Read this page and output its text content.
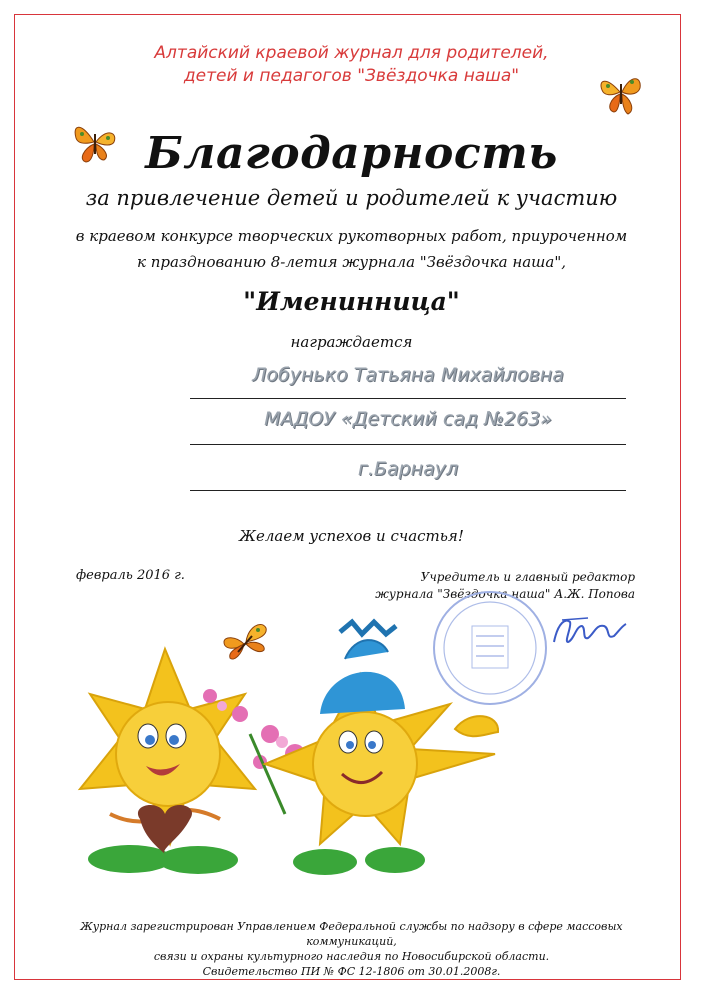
Алтайский краевой журнал для родителей,
детей и педагогов "Звёздочка наша"
Благодарность
за привлечение детей и родителей к участию
в краевом конкурсе творческих рукотворных работ, приуроченном
к празднованию 8-летия журнала "Звёздочка наша",
"Именинница"
награждается
Лобунько Татьяна Михайловна
МАДОУ «Детский сад №263»
г.Барнаул
Желаем успехов и счастья!
февраль 2016 г.	Учредитель и главный редактор
журнала "Звёздочка наша" А.Ж. Попова
Журнал зарегистрирован Управлением Федеральной службы по надзору в сфере массовых коммуникаций,
связи и охраны культурного наследия по Новосибирской области.
Свидетельство ПИ № ФС 12-1806 от 30.01.2008г.
